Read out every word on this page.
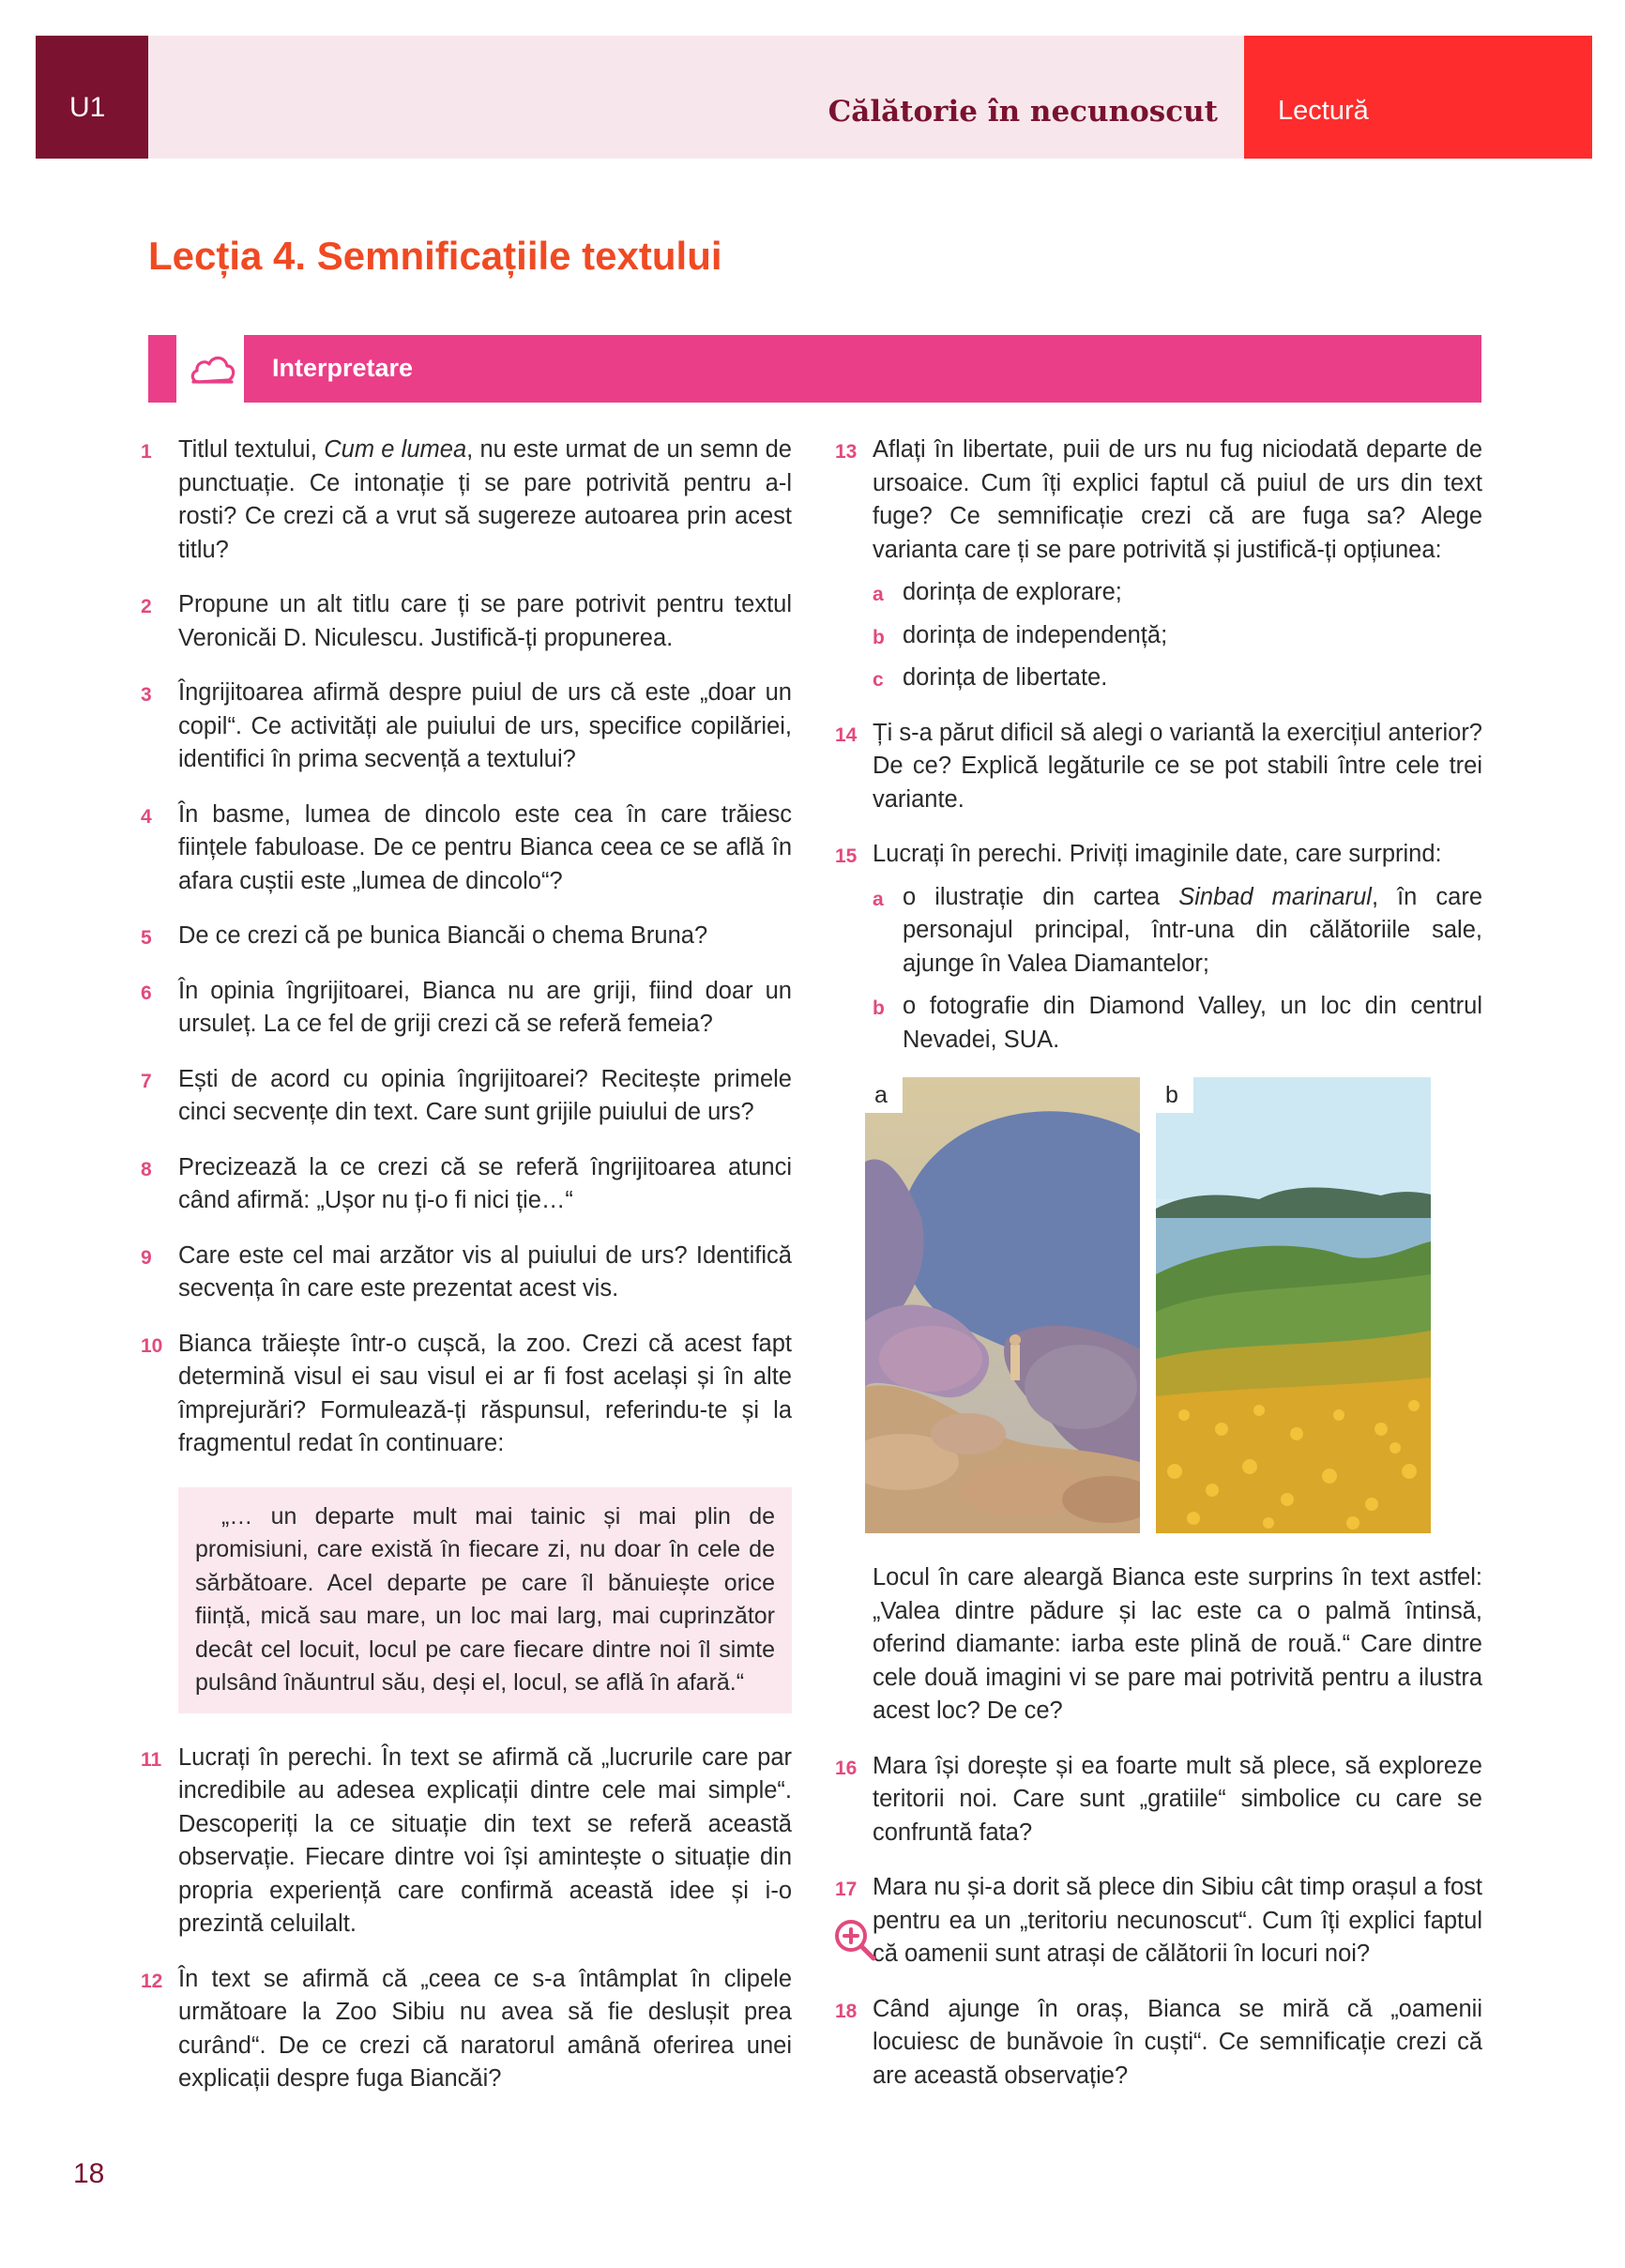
U1	Călătorie în necunoscut Lectură
Lecția 4. Semnificațiile textului
Interpretare
1 Titlul textului, Cum e lumea, nu este urmat de un semn de punctuație. Ce intonație ți se pare potrivită pentru a-l rosti? Ce crezi că a vrut să sugereze autoarea prin acest titlu?
2 Propune un alt titlu care ți se pare potrivit pentru textul Veronicăi D. Niculescu. Justifică-ți propunerea.
3 Îngrijitoarea afirmă despre puiul de urs că este „doar un copil“. Ce activități ale puiului de urs, specifice copilăriei, identifici în prima secvență a textului?
4 În basme, lumea de dincolo este cea în care trăiesc ființele fabuloase. De ce pentru Bianca ceea ce se află în afara cuștii este „lumea de dincolo“?
5 De ce crezi că pe bunica Biancăi o chema Bruna?
6 În opinia îngrijitoarei, Bianca nu are griji, fiind doar un ursuleț. La ce fel de griji crezi că se referă femeia?
7 Ești de acord cu opinia îngrijitoarei? Recitește primele cinci secvențe din text. Care sunt grijile puiului de urs?
8 Precizează la ce crezi că se referă îngrijitoarea atunci când afirmă: „Ușor nu ți-o fi nici ție…“
9 Care este cel mai arzător vis al puiului de urs? Identifică secvența în care este prezentat acest vis.
10 Bianca trăiește într-o cușcă, la zoo. Crezi că acest fapt determină visul ei sau visul ei ar fi fost același și în alte împrejurări? Formulează-ți răspunsul, referindu-te și la fragmentul redat în continuare:

„… un departe mult mai tainic și mai plin de promisiuni, care există în fiecare zi, nu doar în cele de sărbătoare. Acel departe pe care îl bănuiește orice ființă, mică sau mare, un loc mai larg, mai cuprinzător decât cel locuit, locul pe care fiecare dintre noi îl simte pulsând înăuntrul său, deși el, locul, se află în afară.“

11 Lucrați în perechi. În text se afirmă că „lucrurile care par incredibile au adesea explicații dintre cele mai simple“. Descoperiți la ce situație din text se referă această observație. Fiecare dintre voi își amintește o situație din propria experiență care confirmă această idee și i-o prezintă celuilalt.
12 În text se afirmă că „ceea ce s-a întâmplat în clipele următoare la Zoo Sibiu nu avea să fie deslușit prea curând“. De ce crezi că naratorul amână oferirea unei explicații despre fuga Biancăi?
13 Aflați în libertate, puii de urs nu fug niciodată departe de ursoaice. Cum îți explici faptul că puiul de urs din text fuge? Ce semnificație crezi că are fuga sa? Alege varianta care ți se pare potrivită și justifică-ți opțiunea:
a dorința de explorare;
b dorința de independență;
c dorința de libertate.
14 Ți s-a părut dificil să alegi o variantă la exercițiul anterior? De ce? Explică legăturile ce se pot stabili între cele trei variante.
15 Lucrați în perechi. Priviți imaginile date, care surprind:
a o ilustrație din cartea Sinbad marinarul, în care personajul principal, într-una din călătoriile sale, ajunge în Valea Diamantelor;
b o fotografie din Diamond Valley, un loc din centrul Nevadei, SUA.
a	b
Locul în care aleargă Bianca este surprins în text astfel: „Valea dintre pădure și lac este ca o palmă întinsă, oferind diamante: iarba este plină de rouă.“ Care dintre cele două imagini vi se pare mai potrivită pentru a ilustra acest loc? De ce?
16 Mara își dorește și ea foarte mult să plece, să exploreze teritorii noi. Care sunt „gratiile“ simbolice cu care se confruntă fata?
17 Mara nu și-a dorit să plece din Sibiu cât timp orașul a fost pentru ea un „teritoriu necunoscut“. Cum îți explici faptul că oamenii sunt atrași de călătorii în locuri noi?
18 Când ajunge în oraș, Bianca se miră că „oamenii locuiesc de bunăvoie în cuști“. Ce semnificație crezi că are această observație?
18
